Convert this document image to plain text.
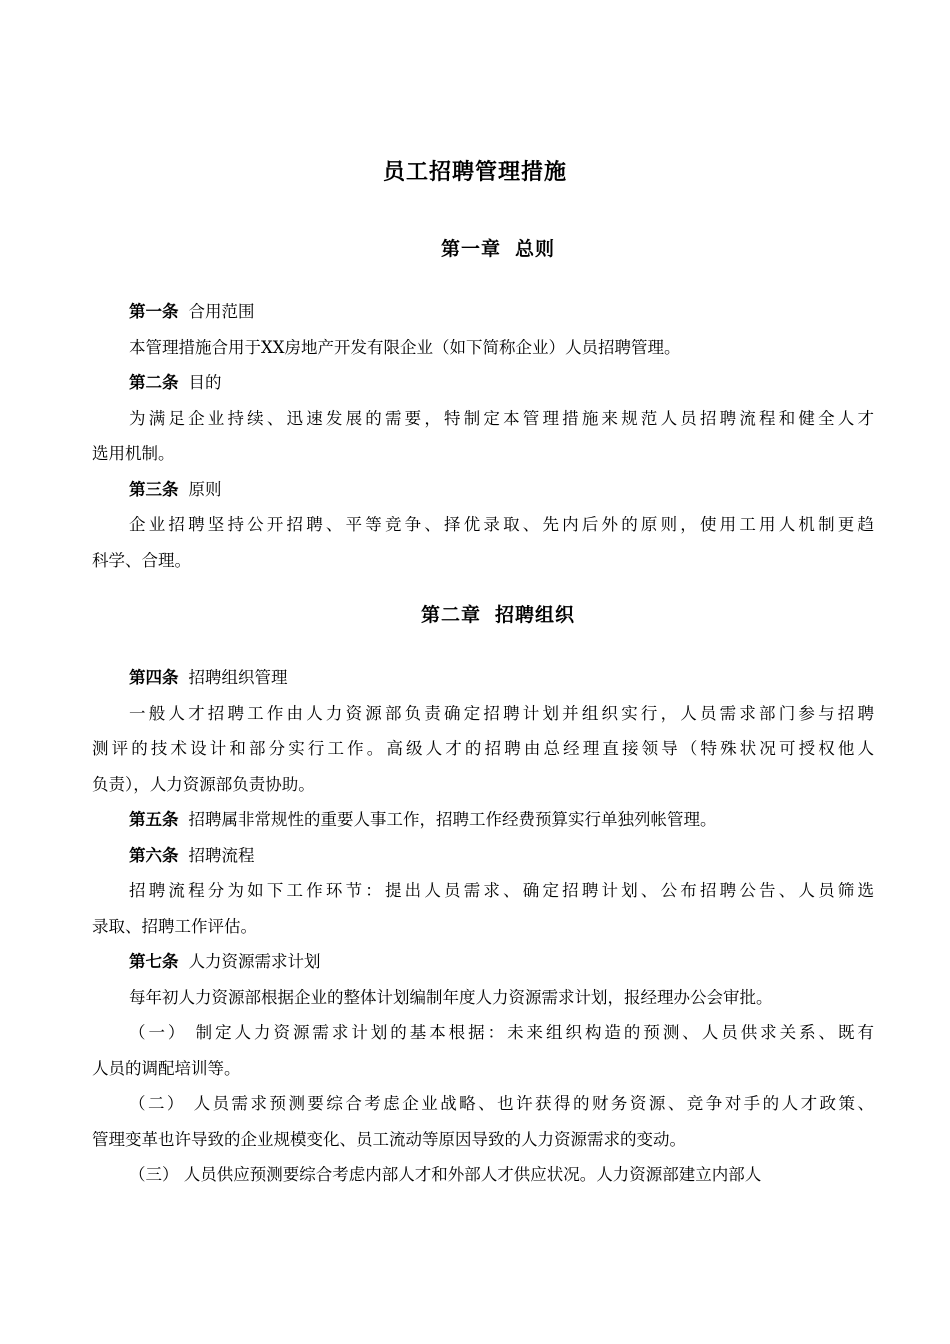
员工招聘管理措施
第一章 总则
第一条 合用范围
本管理措施合用于XX房地产开发有限企业（如下简称企业）人员招聘管理。
第二条 目的
为满足企业持续、迅速发展的需要，特制定本管理措施来规范人员招聘流程和健全人才
选用机制。
第三条 原则
企业招聘坚持公开招聘、平等竞争、择优录取、先内后外的原则，使用工用人机制更趋
科学、合理。
第二章 招聘组织
第四条 招聘组织管理
一般人才招聘工作由人力资源部负责确定招聘计划并组织实行，人员需求部门参与招聘
测评的技术设计和部分实行工作。高级人才的招聘由总经理直接领导（特殊状况可授权他人
负责），人力资源部负责协助。
第五条 招聘属非常规性的重要人事工作，招聘工作经费预算实行单独列帐管理。
第六条 招聘流程
招聘流程分为如下工作环节：提出人员需求、确定招聘计划、公布招聘公告、人员筛选
录取、招聘工作评估。
第七条 人力资源需求计划
每年初人力资源部根据企业的整体计划编制年度人力资源需求计划，报经理办公会审批。
（一） 制定人力资源需求计划的基本根据：未来组织构造的预测、人员供求关系、既有
人员的调配培训等。
（二） 人员需求预测要综合考虑企业战略、也许获得的财务资源、竞争对手的人才政策、
管理变革也许导致的企业规模变化、员工流动等原因导致的人力资源需求的变动。
（三） 人员供应预测要综合考虑内部人才和外部人才供应状况。人力资源部建立内部人
